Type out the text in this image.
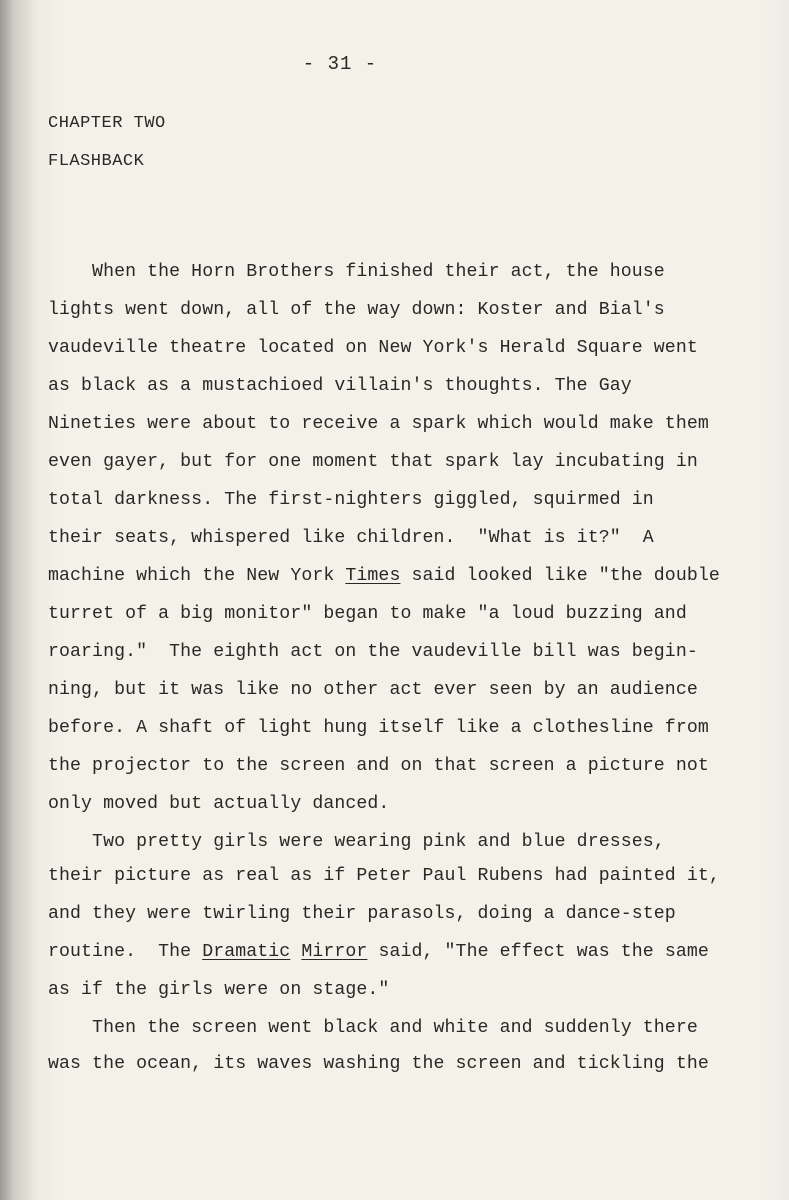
- 31 -
CHAPTER TWO
FLASHBACK
When the Horn Brothers finished their act, the house
lights went down, all of the way down: Koster and Bial's
vaudeville theatre located on New York's Herald Square went
as black as a mustachioed villain's thoughts. The Gay
Nineties were about to receive a spark which would make them
even gayer, but for one moment that spark lay incubating in
total darkness. The first-nighters giggled, squirmed in
their seats, whispered like children.  "What is it?"  A
machine which the New York Times said looked like "the double
turret of a big monitor" began to make "a loud buzzing and
roaring."  The eighth act on the vaudeville bill was begin-
ning, but it was like no other act ever seen by an audience
before. A shaft of light hung itself like a clothesline from
the projector to the screen and on that screen a picture not
only moved but actually danced.
Two pretty girls were wearing pink and blue dresses,
their picture as real as if Peter Paul Rubens had painted it,
and they were twirling their parasols, doing a dance-step
routine.  The Dramatic Mirror said, "The effect was the same
as if the girls were on stage."
Then the screen went black and white and suddenly there
was the ocean, its waves washing the screen and tickling the
